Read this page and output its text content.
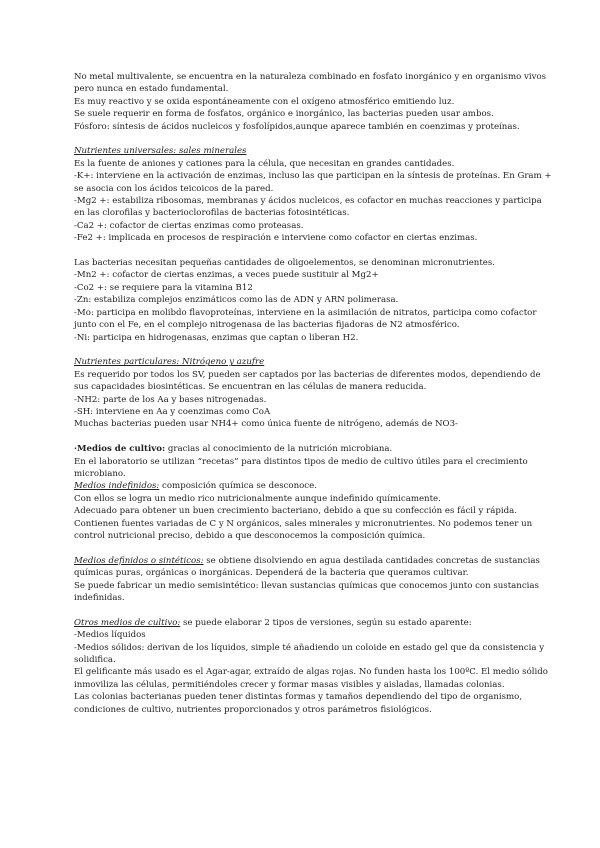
No metal multivalente, se encuentra en la naturaleza combinado en fosfato inorgánico y en organismo vivos
pero nunca en estado fundamental.
Es muy reactivo y se oxida espontáneamente con el oxígeno atmosférico emitiendo luz.
Se suele requerir en forma de fosfatos, orgánico e inorgánico, las bacterias pueden usar ambos.
Fósforo: síntesis de ácidos nucleicos y fosfolípidos,aunque aparece también en coenzimas y proteínas.
Nutrientes universales: sales minerales
Es la fuente de aniones y cationes para la célula, que necesitan en grandes cantidades.
-K+: interviene en la activación de enzimas, incluso las que participan en la síntesis de proteínas. En Gram +
se asocia con los ácidos teicoicos de la pared.
-Mg2 +: estabiliza ribosomas, membranas y ácidos nucleicos, es cofactor en muchas reacciones y participa
en las clorofilas y bacterioclorofilas de bacterias fotosintéticas.
-Ca2 +: cofactor de ciertas enzimas como proteasas.
-Fe2 +: implicada en procesos de respiración e interviene como cofactor en ciertas enzimas.
Las bacterias necesitan pequeñas cantidades de oligoelementos, se denominan micronutrientes.
-Mn2 +: cofactor de ciertas enzimas, a veces puede sustituir al Mg2+
-Co2 +: se requiere para la vitamina B12
-Zn: estabiliza complejos enzimáticos como las de ADN y ARN polimerasa.
-Mo: participa en molibdo flavoproteínas, interviene en la asimilación de nitratos, participa como cofactor
junto con el Fe, en el complejo nitrogenasa de las bacterias fijadoras de N2 atmosférico.
-Ni: participa en hidrogenasas, enzimas que captan o liberan H2.
Nutrientes particulares: Nitrógeno y azufre
Es requerido por todos los SV, pueden ser captados por las bacterias de diferentes modos, dependiendo de
sus capacidades biosintéticas. Se encuentran en las células de manera reducida.
-NH2: parte de los Aa y bases nitrogenadas.
-SH: interviene en Aa y coenzimas como CoA
Muchas bacterias pueden usar NH4+ como única fuente de nitrógeno, además de NO3-
·Medios de cultivo: gracias al conocimiento de la nutrición microbiana.
En el laboratorio se utilizan “recetas” para distintos tipos de medio de cultivo útiles para el crecimiento
microbiano.
Medios indefinidos: composición química se desconoce.
Con ellos se logra un medio rico nutricionalmente aunque indefinido químicamente.
Adecuado para obtener un buen crecimiento bacteriano, debido a que su confección es fácil y rápida.
Contienen fuentes variadas de C y N orgánicos, sales minerales y micronutrientes. No podemos tener un
control nutricional preciso, debido a que desconocemos la composición química.
Medios definidos o sintéticos: se obtiene disolviendo en agua destilada cantidades concretas de sustancias
químicas puras, orgánicas o inorgánicas. Dependerá de la bacteria que queramos cultivar.
Se puede fabricar un medio semisintético: llevan sustancias químicas que conocemos junto con sustancias
indefinidas.
Otros medios de cultivo: se puede elaborar 2 tipos de versiones, según su estado aparente:
-Medios líquidos
-Medios sólidos: derivan de los líquidos, simple té añadiendo un coloide en estado gel que da consistencia y
solidifica.
El gelificante más usado es el Agar-agar, extraído de algas rojas. No funden hasta los 100ºC. El medio sólido
inmoviliza las células, permitiéndoles crecer y formar masas visibles y aisladas, llamadas colonias.
Las colonias bacterianas pueden tener distintas formas y tamaños dependiendo del tipo de organismo,
condiciones de cultivo, nutrientes proporcionados y otros parámetros fisiológicos.
